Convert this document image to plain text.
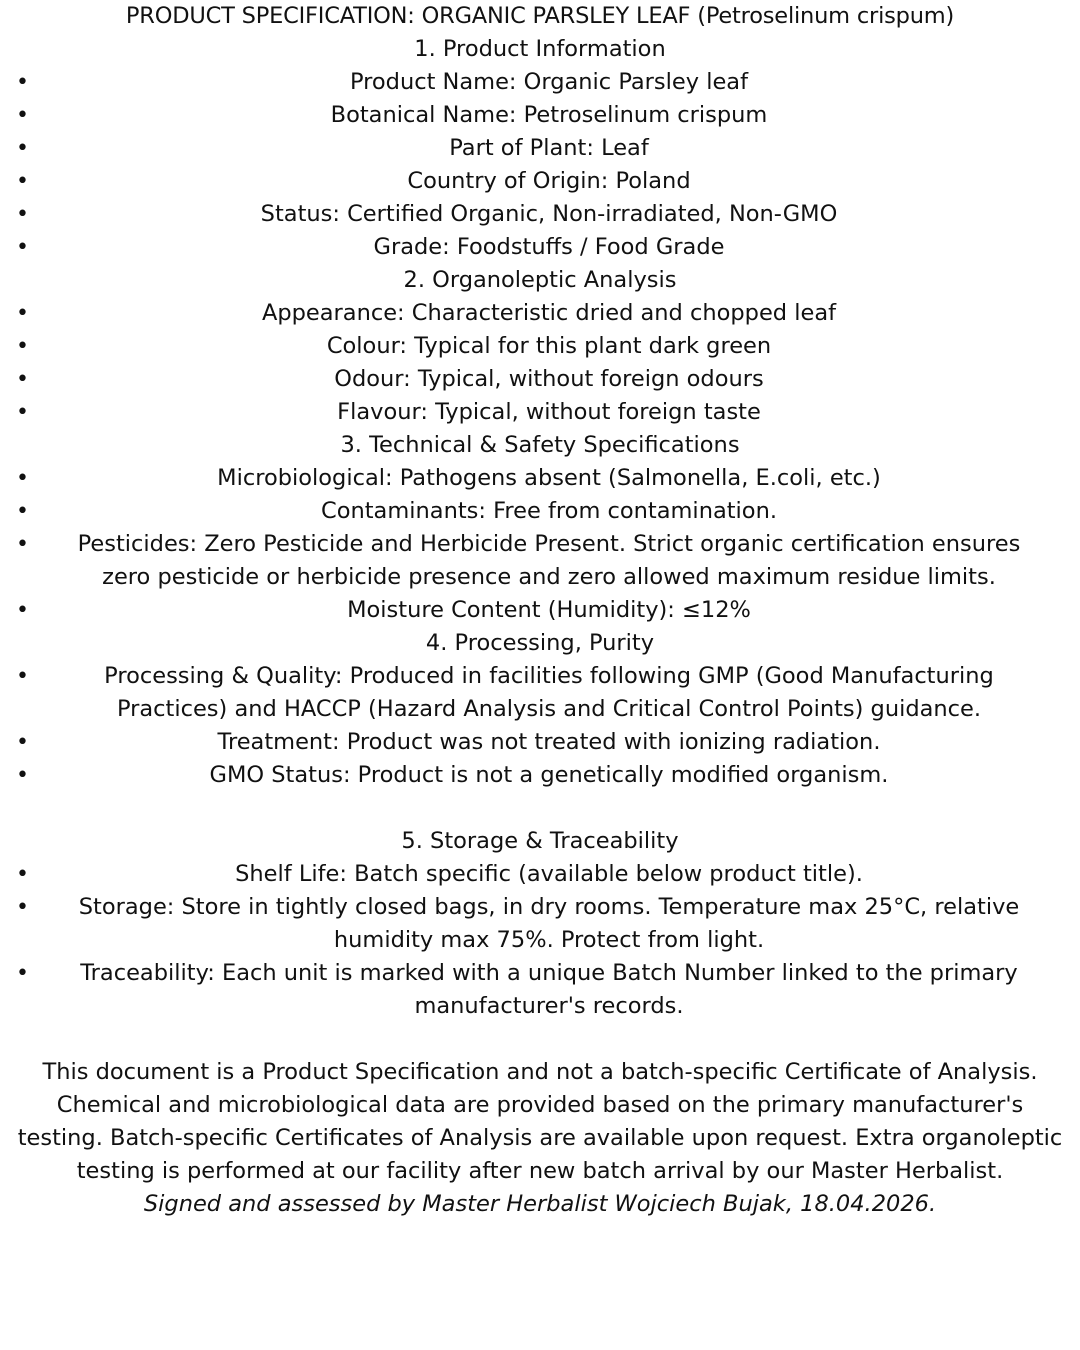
PRODUCT SPECIFICATION: ORGANIC PARSLEY LEAF (Petroselinum crispum)

1. Product Information

•	Product Name: Organic Parsley leaf
•	Botanical Name: Petroselinum crispum
•	Part of Plant: Leaf
•	Country of Origin: Poland
•	Status: Certified Organic, Non-irradiated, Non-GMO
•	Grade: Foodstuffs / Food Grade

2. Organoleptic Analysis

•	Appearance: Characteristic dried and chopped leaf
•	Colour: Typical for this plant dark green
•	Odour: Typical, without foreign odours
•	Flavour: Typical, without foreign taste

3. Technical & Safety Specifications

•	Microbiological: Pathogens absent (Salmonella, E.coli, etc.)
•	Contaminants: Free from contamination.
• Pesticides: Zero Pesticide and Herbicide Present. Strict organic certification ensures zero pesticide or herbicide presence and zero allowed maximum residue limits.
•	Moisture Content (Humidity): ≤12%

4. Processing, Purity

•	Processing & Quality: Produced in facilities following GMP (Good Manufacturing Practices) and HACCP (Hazard Analysis and Critical Control Points) guidance.
•	Treatment: Product was not treated with ionizing radiation.
•	GMO Status: Product is not a genetically modified organism.

5. Storage & Traceability

•	Shelf Life: Batch specific (available below product title).
• Storage: Store in tightly closed bags, in dry rooms. Temperature max 25°C, relative humidity max 75%. Protect from light.
• Traceability: Each unit is marked with a unique Batch Number linked to the primary manufacturer's records.

This document is a Product Specification and not a batch-specific Certificate of Analysis. Chemical and microbiological data are provided based on the primary manufacturer's testing. Batch-specific Certificates of Analysis are available upon request. Extra organoleptic testing is performed at our facility after new batch arrival by our Master Herbalist.

Signed and assessed by Master Herbalist Wojciech Bujak, 18.04.2026.
